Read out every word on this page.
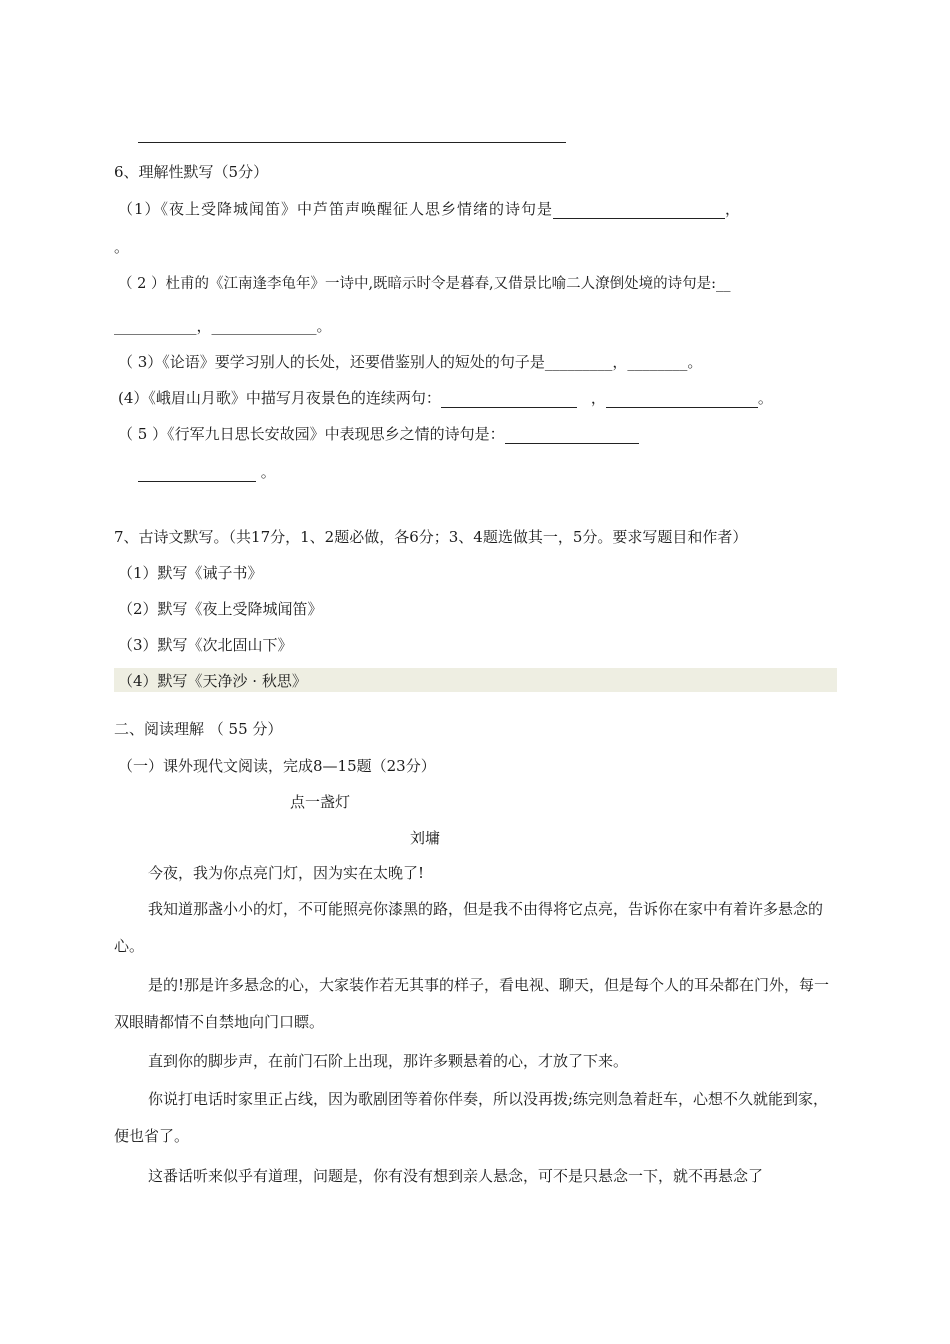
6、理解性默写（5分）
（1）《夜上受降城闻笛》中芦笛声唤醒征人思乡情绪的诗句是	，
。
（ 2 ）杜甫的《江南逢李龟年》一诗中,既暗示时令是暮春,又借景比喻二人潦倒处境的诗句是:__
___________，______________。
（ 3）《论语》要学习别人的长处，还要借鉴别人的短处的句子是_________，________。
(4）《峨眉山月歌》中描写月夜景色的连续两句：	，	。
（ 5 ）《行军九日思长安故园》中表现思乡之情的诗句是：
。
7、古诗文默写。（共17分，1、2题必做，各6分；3、4题选做其一，5分。要求写题目和作者）
（1）默写《诫子书》
（2）默写《夜上受降城闻笛》
（3）默写《次北固山下》
（4）默写《天净沙 · 秋思》
二、阅读理解 （ 55 分）
（一）课外现代文阅读，完成8—15题（23分）
点一盏灯
刘墉
今夜，我为你点亮门灯，因为实在太晚了!
我知道那盏小小的灯，不可能照亮你漆黑的路，但是我不由得将它点亮，告诉你在家中有着许多悬念的心。
是的!那是许多悬念的心，大家装作若无其事的样子，看电视、聊天，但是每个人的耳朵都在门外，每一双眼睛都情不自禁地向门口瞟。
直到你的脚步声，在前门石阶上出现，那许多颗悬着的心，才放了下来。
你说打电话时家里正占线，因为歌剧团等着你伴奏，所以没再拨;练完则急着赶车，心想不久就能到家，便也省了。
这番话听来似乎有道理，问题是，你有没有想到亲人悬念，可不是只悬念一下，就不再悬念了
